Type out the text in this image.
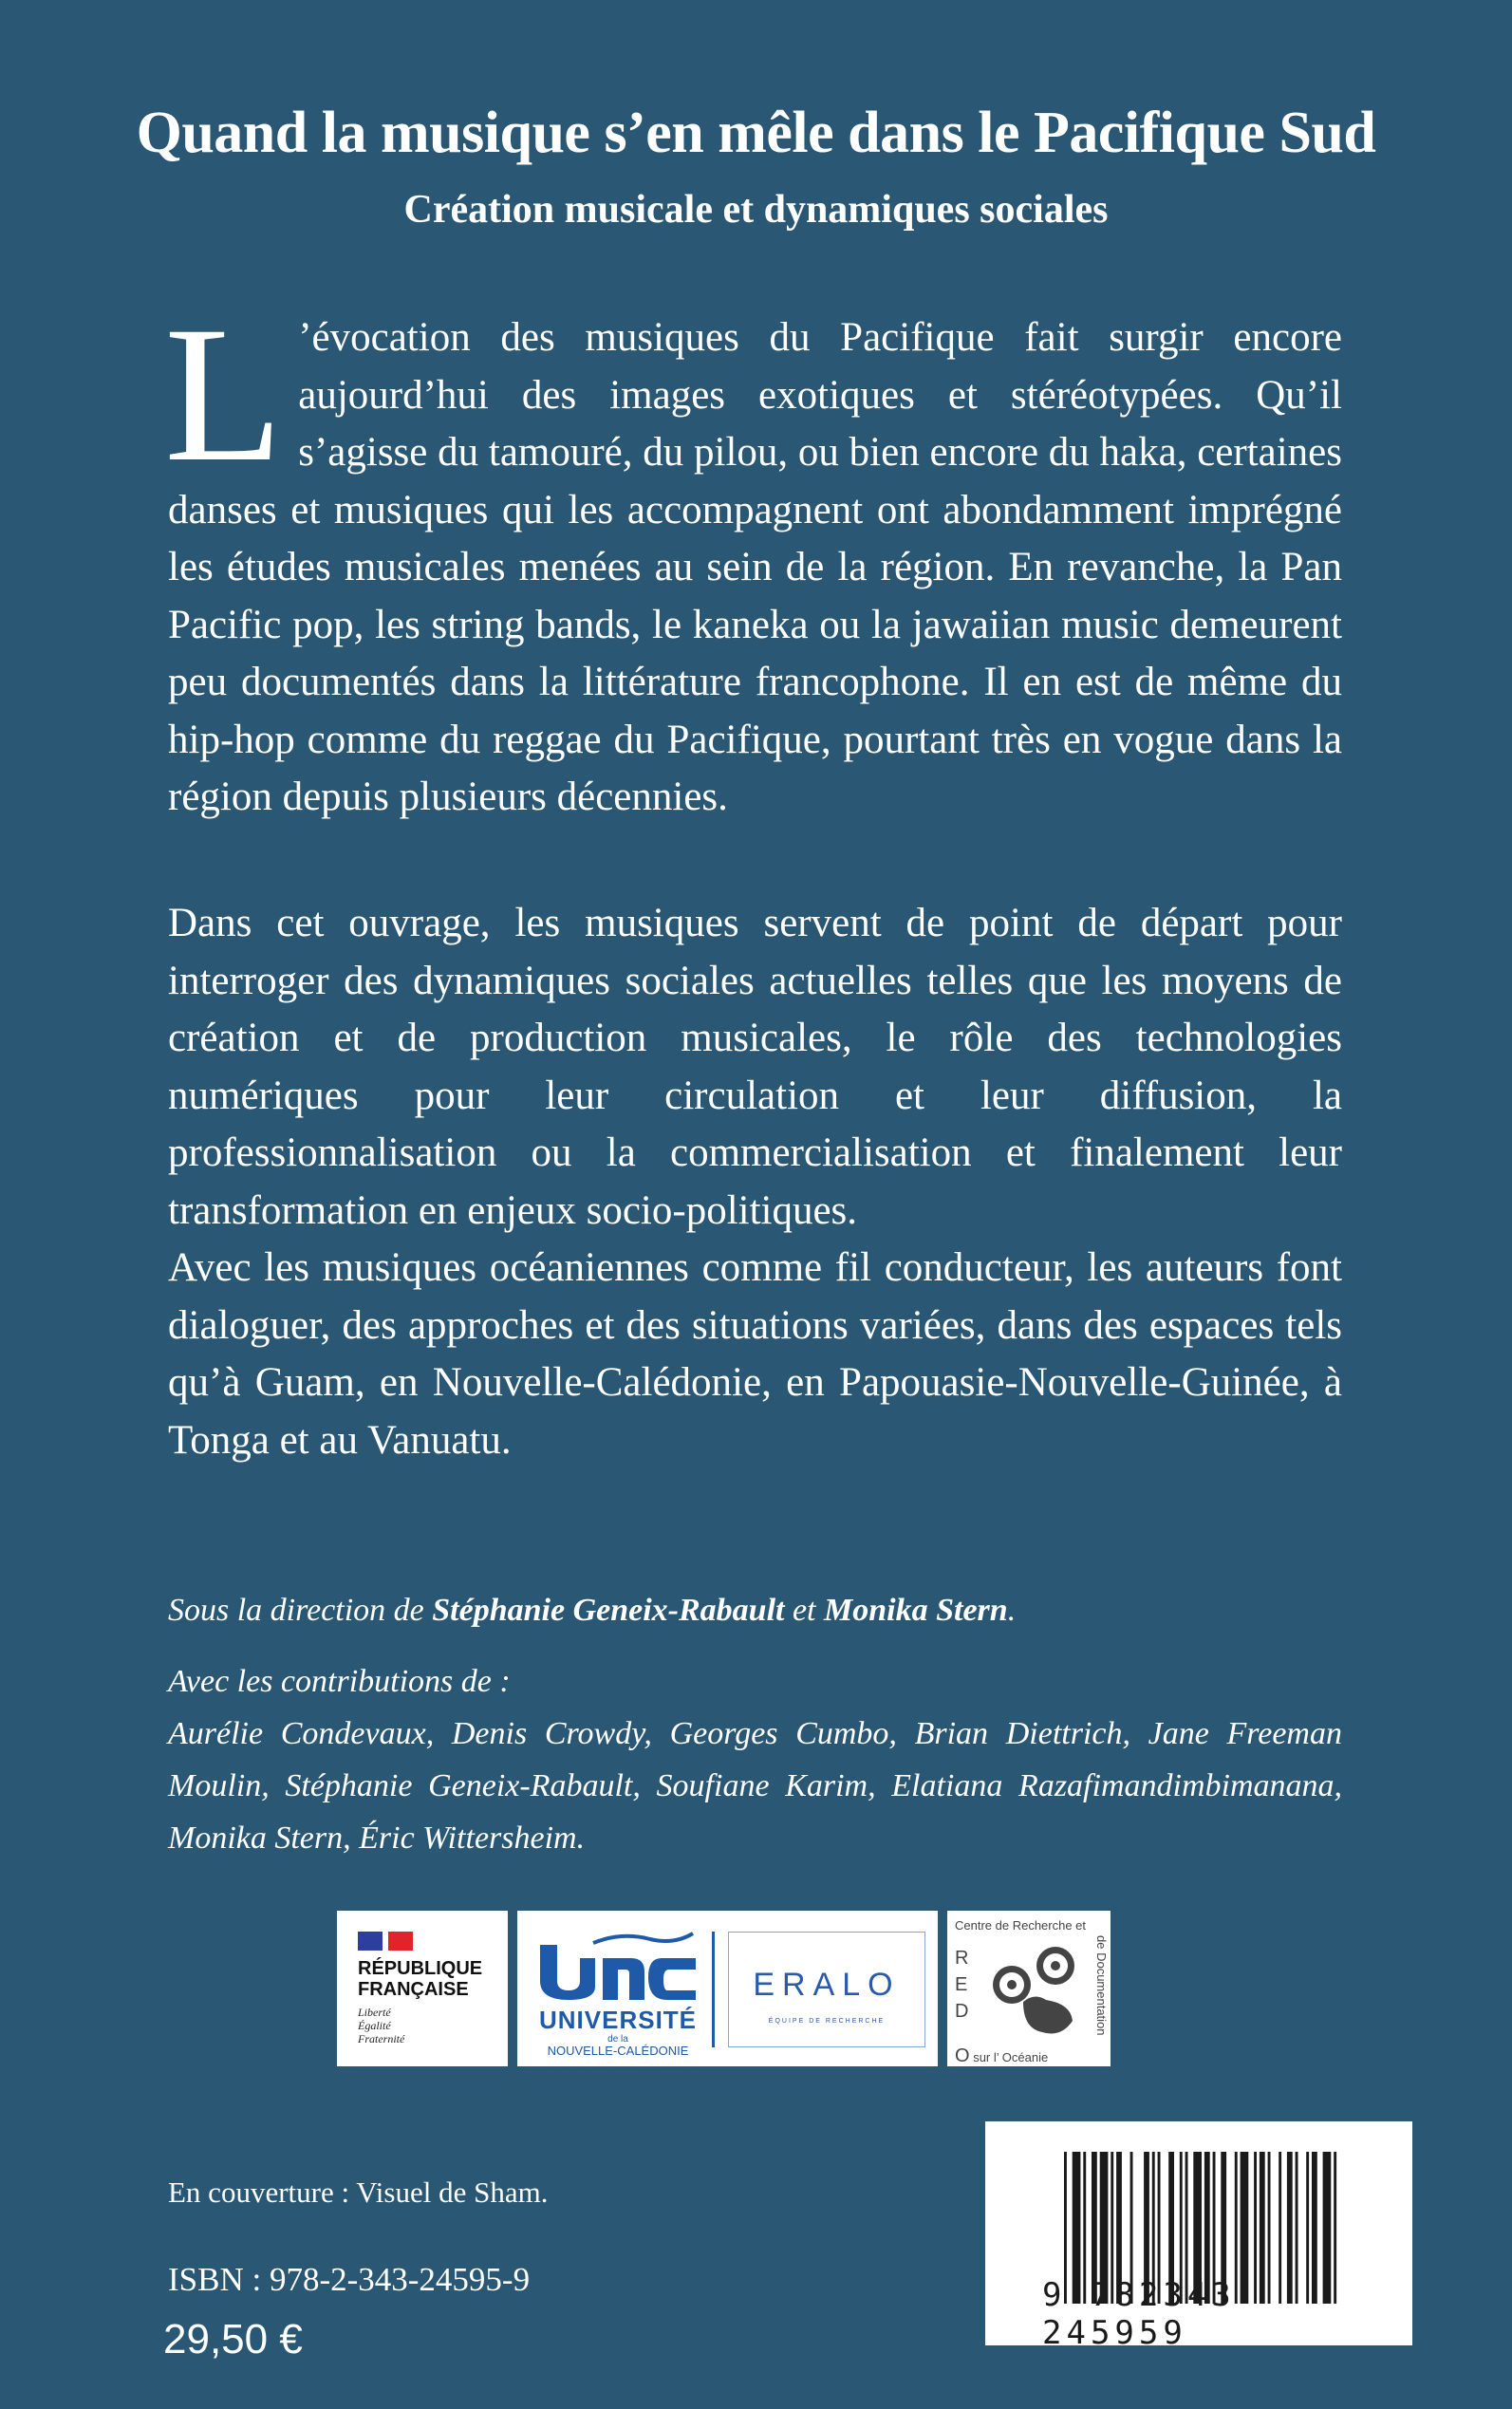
Quand la musique s’en mêle dans le Pacifique Sud
Création musicale et dynamiques sociales
L ’évocation des musiques du Pacifique fait surgir encore aujourd’hui des images exotiques et stéréotypées. Qu’il s’agisse du tamouré, du pilou, ou bien encore du haka, certaines danses et musiques qui les accompagnent ont abondamment imprégné les études musicales menées au sein de la région. En revanche, la Pan Pacific pop, les string bands, le kaneka ou la jawaiian music demeurent peu documentés dans la littérature francophone. Il en est de même du hip-hop comme du reggae du Pacifique, pourtant très en vogue dans la région depuis plusieurs décennies.

Dans cet ouvrage, les musiques servent de point de départ pour interroger des dynamiques sociales actuelles telles que les moyens de création et de production musicales, le rôle des technologies numériques pour leur circulation et leur diffusion, la professionnalisation ou la commercialisation et finalement leur transformation en enjeux socio-politiques.

Avec les musiques océaniennes comme fil conducteur, les auteurs font dialoguer, des approches et des situations variées, dans des espaces tels qu’à Guam, en Nouvelle-Calédonie, en Papouasie-Nouvelle-Guinée, à Tonga et au Vanuatu.

Sous la direction de Stéphanie Geneix-Rabault et Monika Stern.
Avec les contributions de :
Aurélie Condevaux, Denis Crowdy, Georges Cumbo, Brian Diettrich, Jane Freeman Moulin, Stéphanie Geneix-Rabault, Soufiane Karim, Elatiana Razafimandimbimanana, Monika Stern, Éric Wittersheim.
RÉPUBLIQUE
FRANÇAISE
Liberté
Égalité
Fraternité
UNIVERSITÉ
de la
NOUVELLE-CALÉDONIE
ERALO
ÉQUIPE DE RECHERCHE
Centre de Recherche et
R
E
D
O sur l’ Océanie
de Documentation
En couverture : Visuel de Sham.
ISBN : 978-2-343-24595-9
29,50 €
9 782343 245959
